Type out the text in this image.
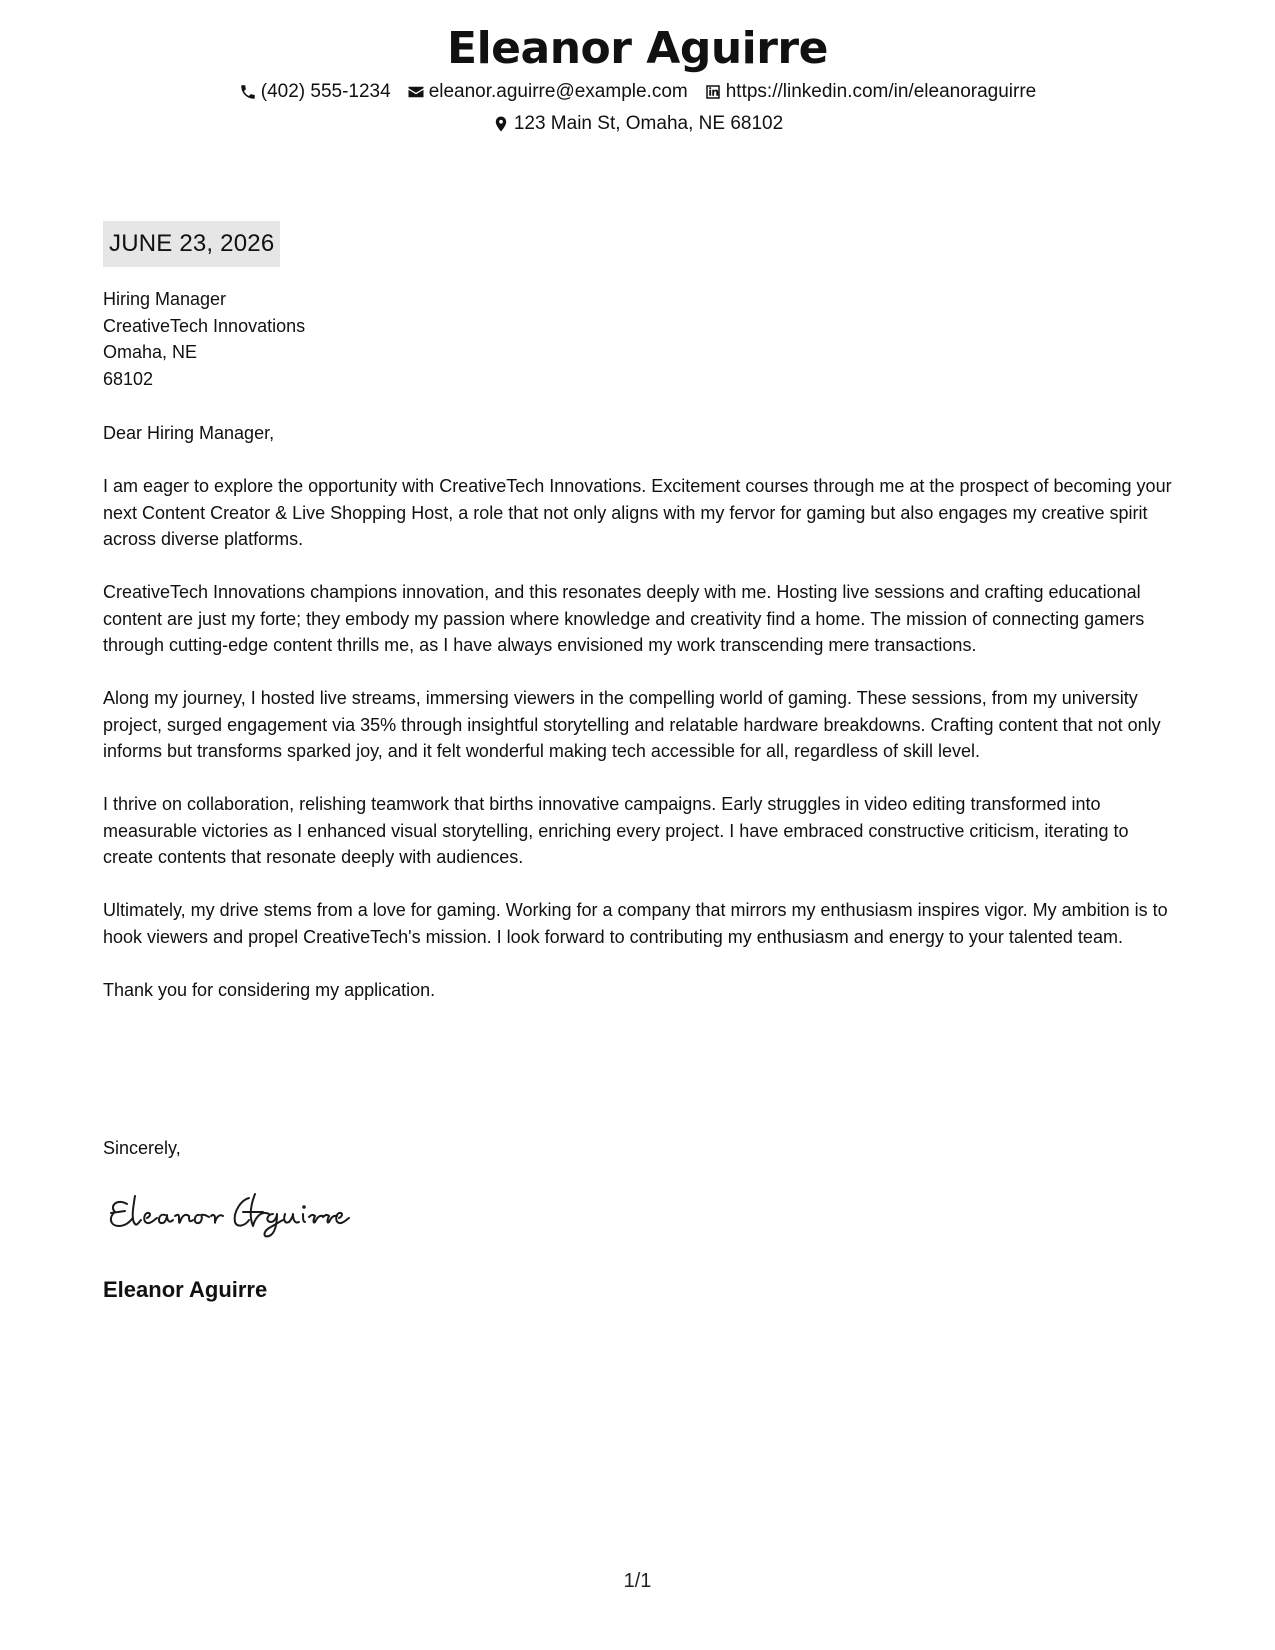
Eleanor Aguirre
(402) 555-1234 eleanor.aguirre@example.com https://linkedin.com/in/eleanoraguirre
123 Main St, Omaha, NE 68102
JUNE 23, 2026
Hiring Manager
CreativeTech Innovations
Omaha, NE
68102
Dear Hiring Manager,

I am eager to explore the opportunity with CreativeTech Innovations. Excitement courses through me at the prospect of becoming your next Content Creator & Live Shopping Host, a role that not only aligns with my fervor for gaming but also engages my creative spirit across diverse platforms.

CreativeTech Innovations champions innovation, and this resonates deeply with me. Hosting live sessions and crafting educational content are just my forte; they embody my passion where knowledge and creativity find a home. The mission of connecting gamers through cutting-edge content thrills me, as I have always envisioned my work transcending mere transactions.

Along my journey, I hosted live streams, immersing viewers in the compelling world of gaming. These sessions, from my university project, surged engagement via 35% through insightful storytelling and relatable hardware breakdowns. Crafting content that not only informs but transforms sparked joy, and it felt wonderful making tech accessible for all, regardless of skill level.

I thrive on collaboration, relishing teamwork that births innovative campaigns. Early struggles in video editing transformed into measurable victories as I enhanced visual storytelling, enriching every project. I have embraced constructive criticism, iterating to create contents that resonate deeply with audiences.

Ultimately, my drive stems from a love for gaming. Working for a company that mirrors my enthusiasm inspires vigor. My ambition is to hook viewers and propel CreativeTech's mission. I look forward to contributing my enthusiasm and energy to your talented team.

Thank you for considering my application.

Sincerely,
Eleanor Aguirre
1/1
